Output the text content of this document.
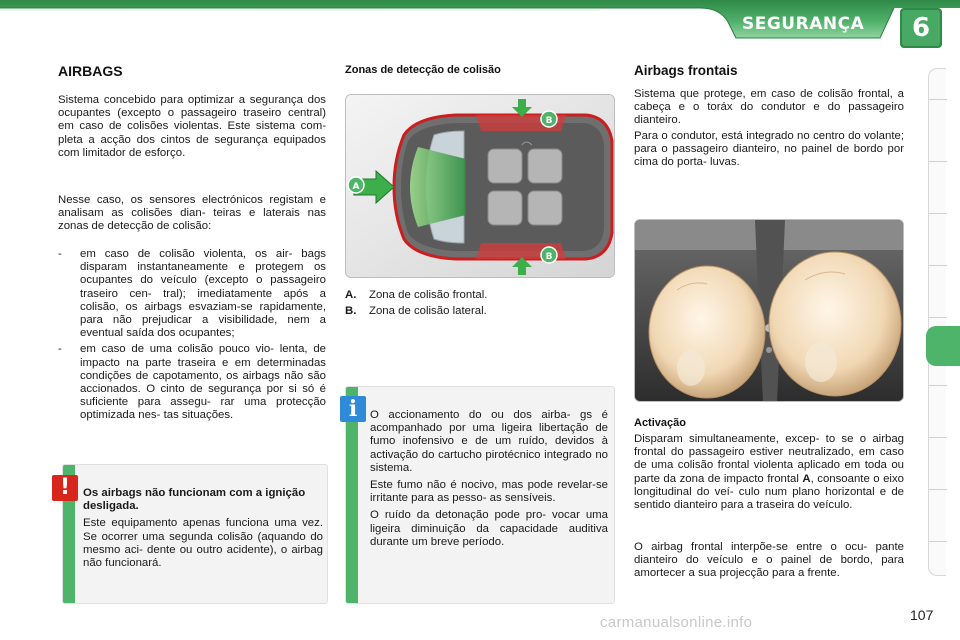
SEGURANÇA	6
AIRBAGS
Sistema concebido para optimizar a segurança dos ocupantes (excepto o passageiro traseiro central) em caso de colisões violentas. Este sistema com- pleta a acção dos cintos de segurança equipados com limitador de esforço.
Nesse caso, os sensores electrónicos registam e analisam as colisões dian- teiras e laterais nas zonas de detecção de colisão:
- em caso de colisão violenta, os air- bags disparam instantaneamente e protegem os ocupantes do veículo (excepto o passageiro traseiro cen- tral); imediatamente após a colisão, os airbags esvaziam-se rapidamente, para não prejudicar a visibilidade, nem a eventual saída dos ocupantes;
- em caso de uma colisão pouco vio- lenta, de impacto na parte traseira e em determinadas condições de capotamento, os airbags não são accionados. O cinto de segurança por si só é suficiente para assegu- rar uma protecção optimizada nes- tas situações.
Os airbags não funcionam com a ignição desligada.
Este equipamento apenas funciona uma vez. Se ocorrer uma segunda colisão (aquando do mesmo aci- dente ou outro acidente), o airbag não funcionará.
!
Zonas de detecção de colisão
A
B
B
A. Zona de colisão frontal.
B. Zona de colisão lateral.

O accionamento do ou dos airba- gs é acompanhado por uma ligeira libertação de fumo inofensivo e de um ruído, devidos à activação do cartucho pirotécnico integrado no sistema.

Este fumo não é nocivo, mas pode revelar-se irritante para as pesso- as sensíveis.

O ruído da detonação pode pro- vocar uma ligeira diminuição da capacidade auditiva durante um breve período.

i
Airbags frontais
Sistema que protege, em caso de colisão frontal, a cabeça e o toráx do condutor e do passageiro dianteiro.
Para o condutor, está integrado no centro do volante; para o passageiro dianteiro, no painel de bordo por cima do porta- luvas.
Activação
Disparam simultaneamente, excep- to se o airbag frontal do passageiro estiver neutralizado, em caso de uma colisão frontal violenta aplicado em toda ou parte da zona de impacto frontal A, consoante o eixo longitudinal do veí- culo num plano horizontal e de sentido dianteiro para a traseira do veículo.
O airbag frontal interpõe-se entre o ocu- pante dianteiro do veículo e o painel de bordo, para amortecer a sua projecção para a frente.
carmanualsonline.info	107
